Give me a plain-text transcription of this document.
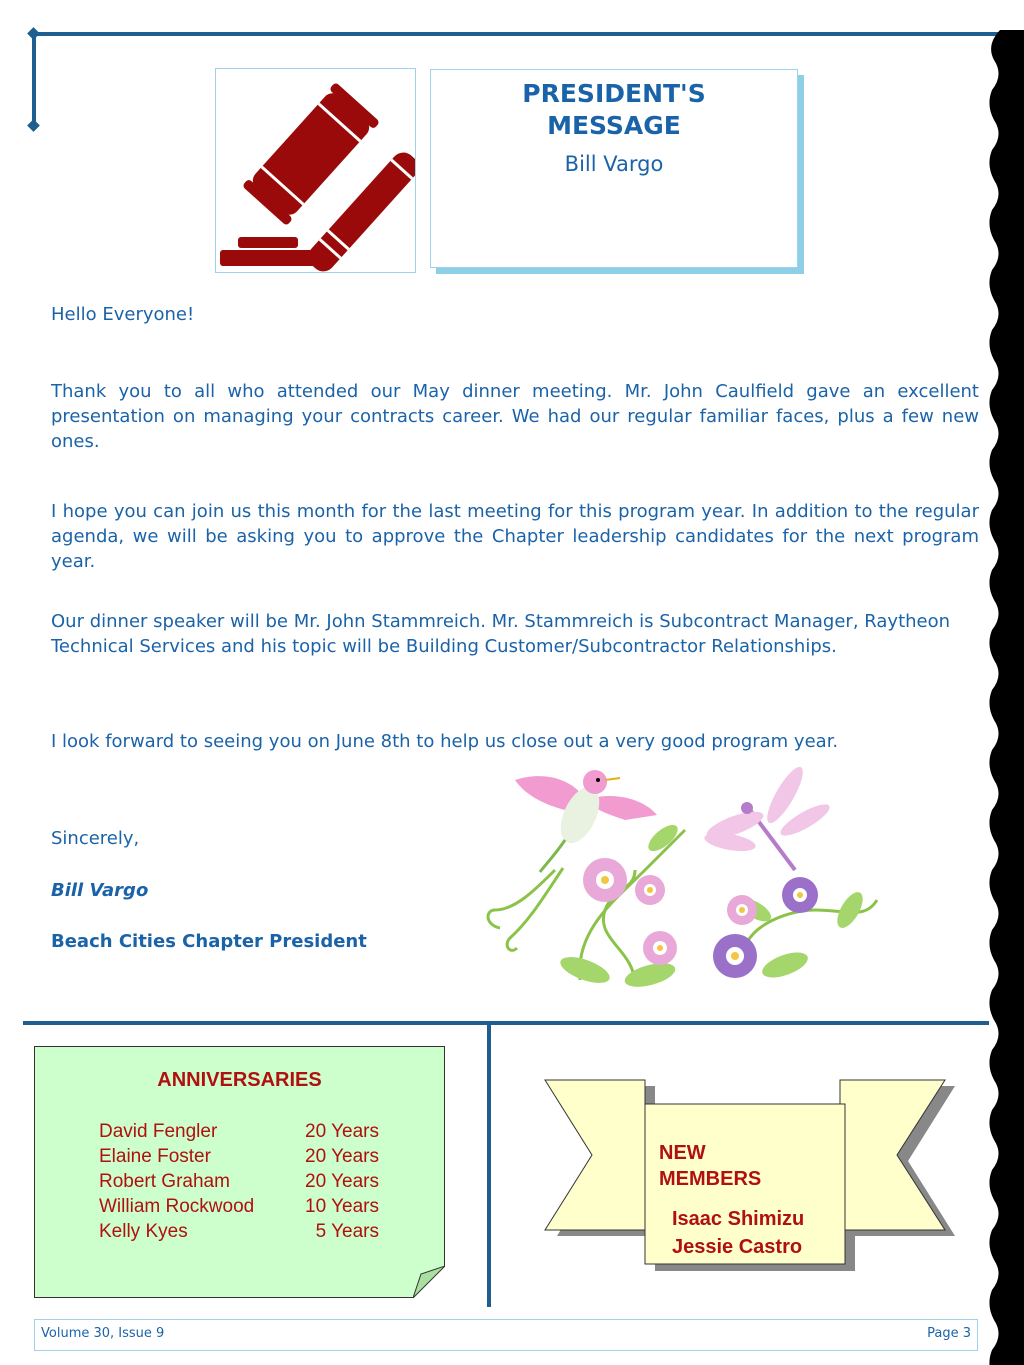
PRESIDENT'S
MESSAGE
Bill Vargo
Hello Everyone!
Thank you to all who attended our May dinner meeting. Mr. John Caulfield gave an excellent presentation on managing your contracts career. We had our regular familiar faces, plus a few new ones.
I hope you can join us this month for the last meeting for this program year. In addition to the regular agenda, we will be asking you to approve the Chapter leadership candidates for the next program year.
Our dinner speaker will be Mr. John Stammreich. Mr. Stammreich is Subcontract Manager, Raytheon Technical Services and his topic will be Building Customer/Subcontractor Relationships.
I look forward to seeing you on June 8th to help us close out a very good program year.
Sincerely,
Bill Vargo
Beach Cities Chapter President
ANNIVERSARIES
David Fengler
Elaine Foster
Robert Graham
William Rockwood
Kelly Kyes
20 Years
20 Years
20 Years
10 Years
5 Years
NEW
MEMBERS
Isaac Shimizu
Jessie Castro
Volume 30, Issue 9	Page 3
